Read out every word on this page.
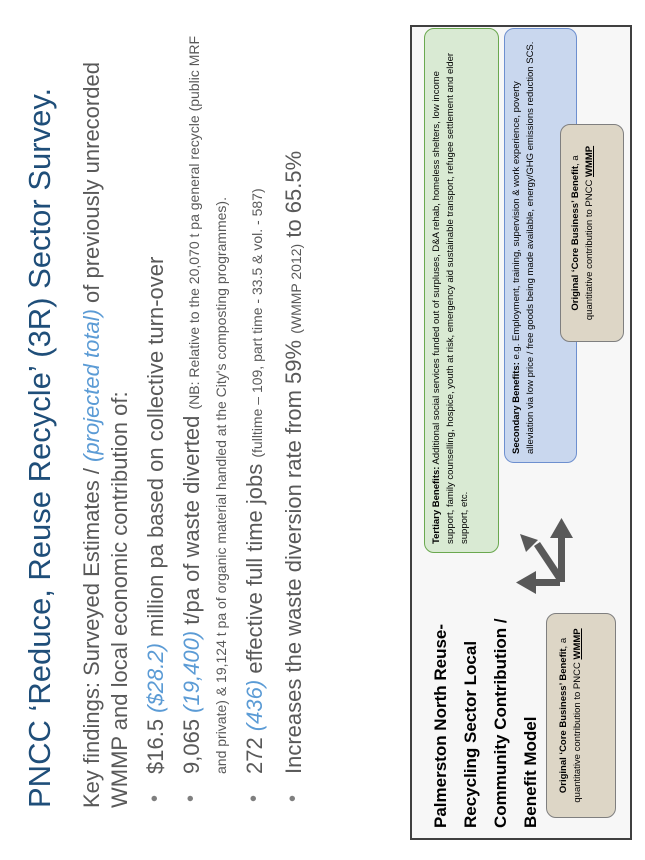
PNCC ‘Reduce, Reuse Recycle’ (3R) Sector Survey. Key findings: Surveyed Estimates / (projected total) of previously unrecorded WMMP and local economic contribution of: •
$16.5 ($28.2) million pa based on collective turn-over
•
9,065 (19,400) t/pa of waste diverted (NB: Relative to the 20,070 t pa general recycle (public MRF and private) & 19,124 t pa of organic material handled at the City's composting programmes).
•
272 (436) effective full time jobs (fulltime – 109, part time - 33.5 & vol. - 587)
•
Increases the waste diversion rate from 59% (WMMP 2012) to 65.5%
Palmerston North Reuse-Recycling Sector Local Community Contribution / Benefit Model	Original ‘Core Business’ Benefit, a quantitative contribution to PNCC WMMP
Tertiary Benefits: Additional social services funded out of surpluses, D&A rehab, homeless shelters, low income support, family counselling, hospice, youth at risk, emergency aid sustainable transport, refugee settlement and elder support, etc.
Secondary Benefits: e.g. Employment, training, supervision & work experience, poverty alleviation via low price / free goods being made available, energy/GHG emissions reduction SCS.	Original ‘Core Business’ Benefit, a quantitative contribution to PNCC WMMP
